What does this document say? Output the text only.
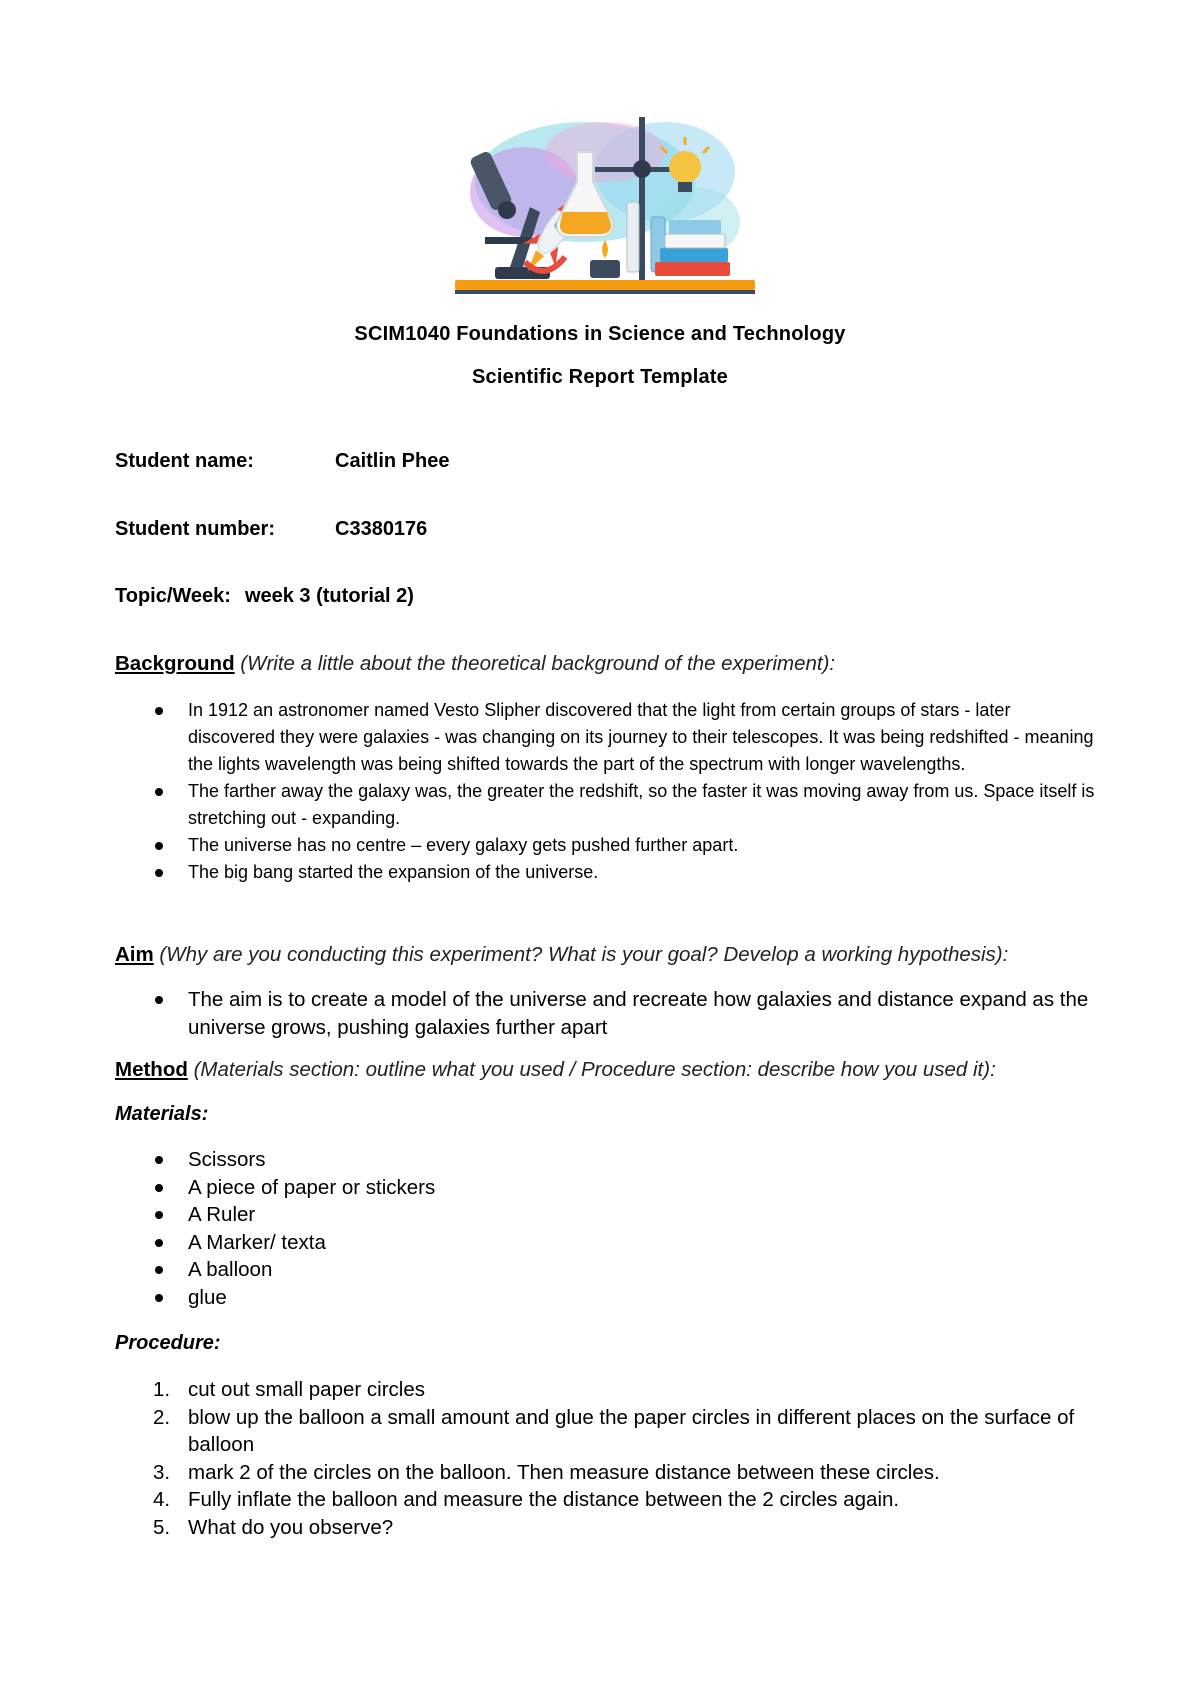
SCIM1040 Foundations in Science and Technology
Scientific Report Template
Student name:	Caitlin Phee
Student number:	C3380176
Topic/Week: week 3 (tutorial 2)
Background (Write a little about the theoretical background of the experiment):
In 1912 an astronomer named Vesto Slipher discovered that the light from certain groups of stars - later discovered they were galaxies - was changing on its journey to their telescopes. It was being redshifted - meaning the lights wavelength was being shifted towards the part of the spectrum with longer wavelengths.
The farther away the galaxy was, the greater the redshift, so the faster it was moving away from us. Space itself is stretching out - expanding.
The universe has no centre – every galaxy gets pushed further apart.
The big bang started the expansion of the universe.
Aim (Why are you conducting this experiment? What is your goal? Develop a working hypothesis):
The aim is to create a model of the universe and recreate how galaxies and distance expand as the universe grows, pushing galaxies further apart
Method (Materials section: outline what you used / Procedure section: describe how you used it):
Materials:
Scissors
A piece of paper or stickers
A Ruler
A Marker/ texta
A balloon
glue
Procedure:
1. cut out small paper circles
2. blow up the balloon a small amount and glue the paper circles in different places on the surface of balloon
3. mark 2 of the circles on the balloon. Then measure distance between these circles.
4. Fully inflate the balloon and measure the distance between the 2 circles again.
5. What do you observe?
